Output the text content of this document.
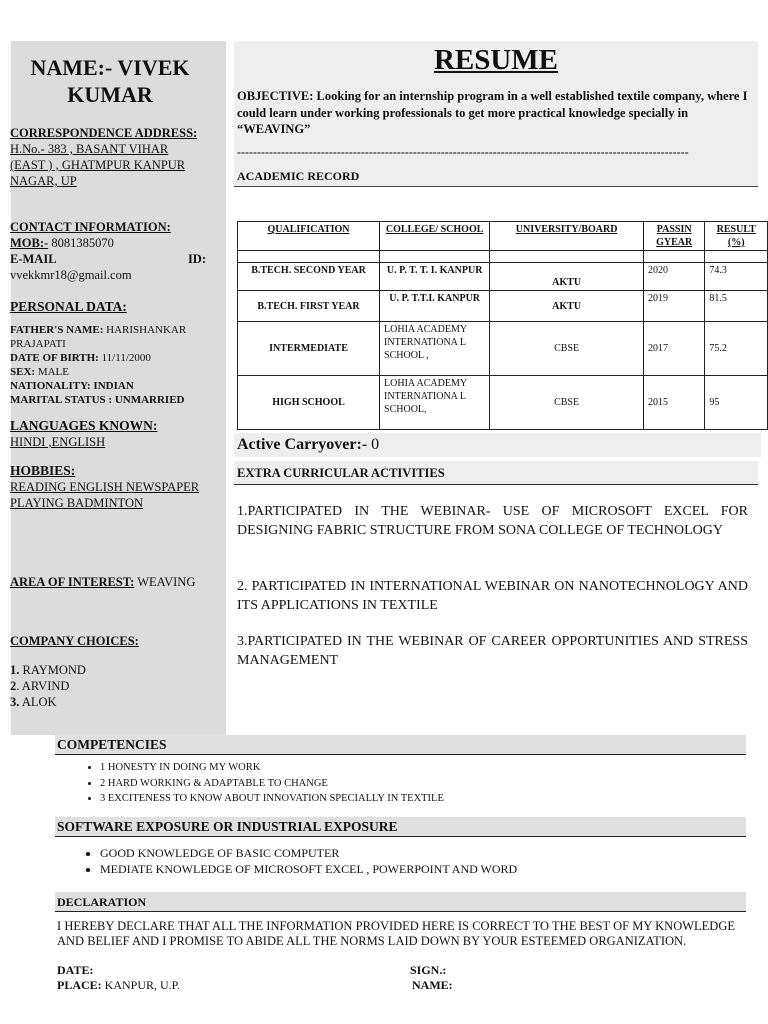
NAME:- VIVEK KUMAR
CORRESPONDENCE ADDRESS: H.No.- 383 , BASANT VIHAR (EAST ) , GHATMPUR KANPUR NAGAR, UP
CONTACT INFORMATION:
MOB:- 8081385070
E-MAIL	ID:
vvekkmr18@gmail.com
PERSONAL DATA:
FATHER'S NAME: HARISHANKAR PRAJAPATI
DATE OF BIRTH: 11/11/2000
SEX: MALE
NATIONALITY: INDIAN
MARITAL STATUS : UNMARRIED
LANGUAGES KNOWN:
HINDI ,ENGLISH
HOBBIES:
READING ENGLISH NEWSPAPER
PLAYING BADMINTON
AREA OF INTEREST: WEAVING
COMPANY CHOICES:
1. RAYMOND
2. ARVIND
3. ALOK
RESUME
OBJECTIVE: Looking for an internship program in a well established textile company, where I could learn under working professionals to get more practical knowledge specially in “WEAVING”
-----------------------------------------------------------------------------------------------------------------
ACADEMIC RECORD
QUALIFICATION	COLLEGE/ SCHOOL	UNIVERSITY/BOARD	PASSIN GYEAR	RESULT (%)

B.TECH. SECOND YEAR	U. P. T. T. I. KANPUR	AKTU	2020	74.3
B.TECH. FIRST YEAR	U. P. T.T.I. KANPUR	AKTU	2019	81.5
INTERMEDIATE	LOHIA ACADEMY INTERNATIONA L SCHOOL ,	CBSE	2017	75.2
HIGH SCHOOL	LOHIA ACADEMY INTERNATIONA L SCHOOL,	CBSE	2015	95
Active Carryover:- 0
EXTRA CURRICULAR ACTIVITIES
1.PARTICIPATED IN THE WEBINAR- USE OF MICROSOFT EXCEL FOR DESIGNING FABRIC STRUCTURE FROM SONA COLLEGE OF TECHNOLOGY
2. PARTICIPATED IN INTERNATIONAL WEBINAR ON NANOTECHNOLOGY AND ITS APPLICATIONS IN TEXTILE
3.PARTICIPATED IN THE WEBINAR OF CAREER OPPORTUNITIES AND STRESS MANAGEMENT
COMPETENCIES
• 1 HONESTY IN DOING MY WORK
• 2 HARD WORKING & ADAPTABLE TO CHANGE
• 3 EXCITENESS TO KNOW ABOUT INNOVATION SPECIALLY IN TEXTILE
SOFTWARE EXPOSURE OR INDUSTRIAL EXPOSURE
• GOOD KNOWLEDGE OF BASIC COMPUTER
• MEDIATE KNOWLEDGE OF MICROSOFT EXCEL , POWERPOINT AND WORD
DECLARATION
I HEREBY DECLARE THAT ALL THE INFORMATION PROVIDED HERE IS CORRECT TO THE BEST OF MY KNOWLEDGE AND BELIEF AND I PROMISE TO ABIDE ALL THE NORMS LAID DOWN BY YOUR ESTEEMED ORGANIZATION.
DATE:
PLACE: KANPUR, U.P.
SIGN.:
NAME:
